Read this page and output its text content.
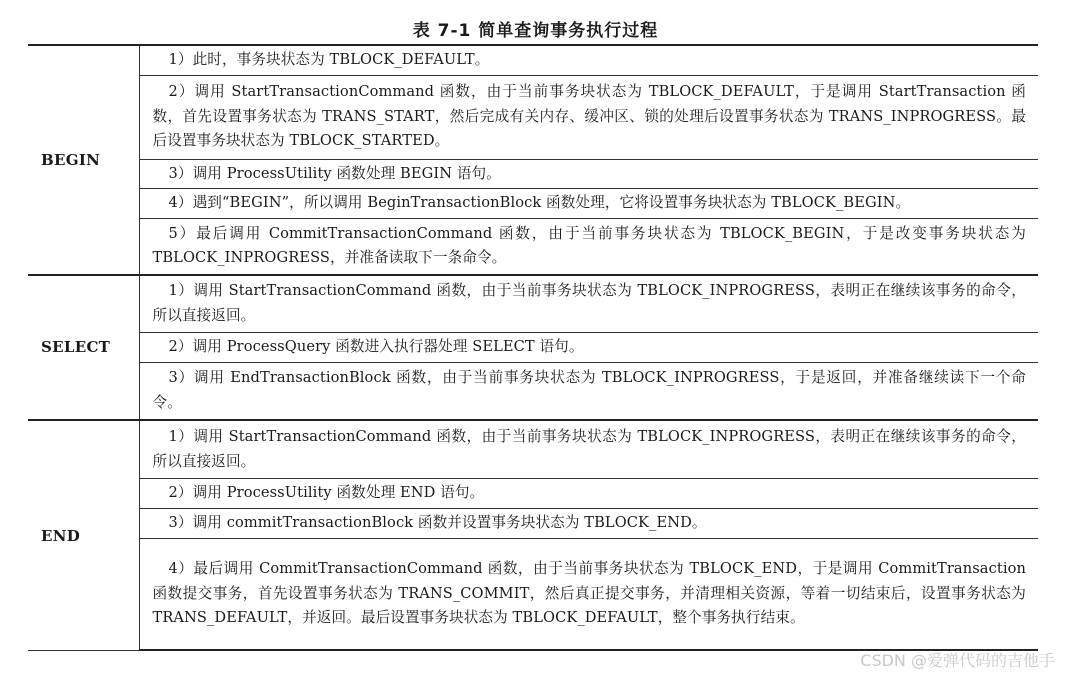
表 7-1 简单查询事务执行过程
BEGIN	1）此时，事务块状态为 TBLOCK_DEFAULT。
	2）调用 StartTransactionCommand 函数，由于当前事务块状态为 TBLOCK_DEFAULT，于是调用 StartTransaction 函数，首先设置事务状态为 TRANS_START，然后完成有关内存、缓冲区、锁的处理后设置事务状态为 TRANS_INPROGRESS。最后设置事务块状态为 TBLOCK_STARTED。
	3）调用 ProcessUtility 函数处理 BEGIN 语句。
	4）遇到“BEGIN”，所以调用 BeginTransactionBlock 函数处理，它将设置事务块状态为 TBLOCK_BEGIN。
	5）最后调用 CommitTransactionCommand 函数，由于当前事务块状态为 TBLOCK_BEGIN，于是改变事务块状态为 TBLOCK_INPROGRESS，并准备读取下一条命令。
SELECT	1）调用 StartTransactionCommand 函数，由于当前事务块状态为 TBLOCK_INPROGRESS，表明正在继续该事务的命令，所以直接返回。
	2）调用 ProcessQuery 函数进入执行器处理 SELECT 语句。
	3）调用 EndTransactionBlock 函数，由于当前事务块状态为 TBLOCK_INPROGRESS，于是返回，并准备继续读下一个命令。
END	1）调用 StartTransactionCommand 函数，由于当前事务块状态为 TBLOCK_INPROGRESS，表明正在继续该事务的命令，所以直接返回。
	2）调用 ProcessUtility 函数处理 END 语句。
	3）调用 commitTransactionBlock 函数并设置事务块状态为 TBLOCK_END。
	4）最后调用 CommitTransactionCommand 函数，由于当前事务块状态为 TBLOCK_END，于是调用 CommitTransaction 函数提交事务，首先设置事务状态为 TRANS_COMMIT，然后真正提交事务，并清理相关资源，等着一切结束后，设置事务状态为 TRANS_DEFAULT，并返回。最后设置事务块状态为 TBLOCK_DEFAULT，整个事务执行结束。
CSDN @爱弹代码的吉他手
